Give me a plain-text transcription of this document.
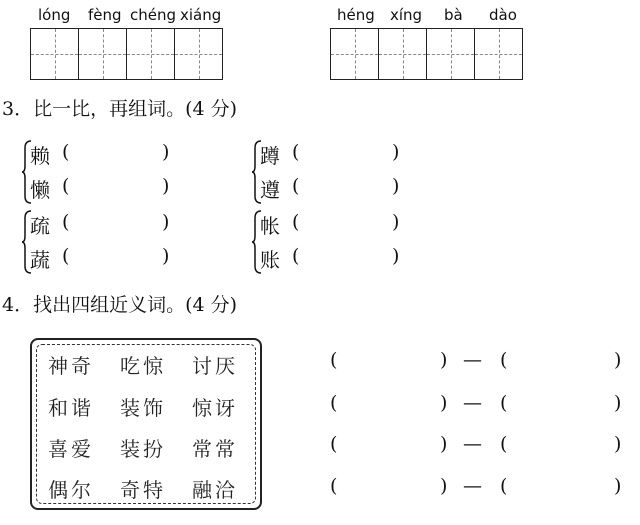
lóng fèng chéng xiáng	héng xíng bà dào
3．比一比，再组词。(4 分)
赖 (	)
懒 (	)
蹲 (	)
遵 (	)
疏 (	)
蔬 (	)
帐 (	)
账 (	)
4．找出四组近义词。(4 分)
神奇 吃惊 讨厌
和谐 装饰 惊讶
喜爱 装扮 常常
偶尔 奇特 融洽
(	) — (	)
(	) — (	)
(	) — (	)
(	) — (	)
